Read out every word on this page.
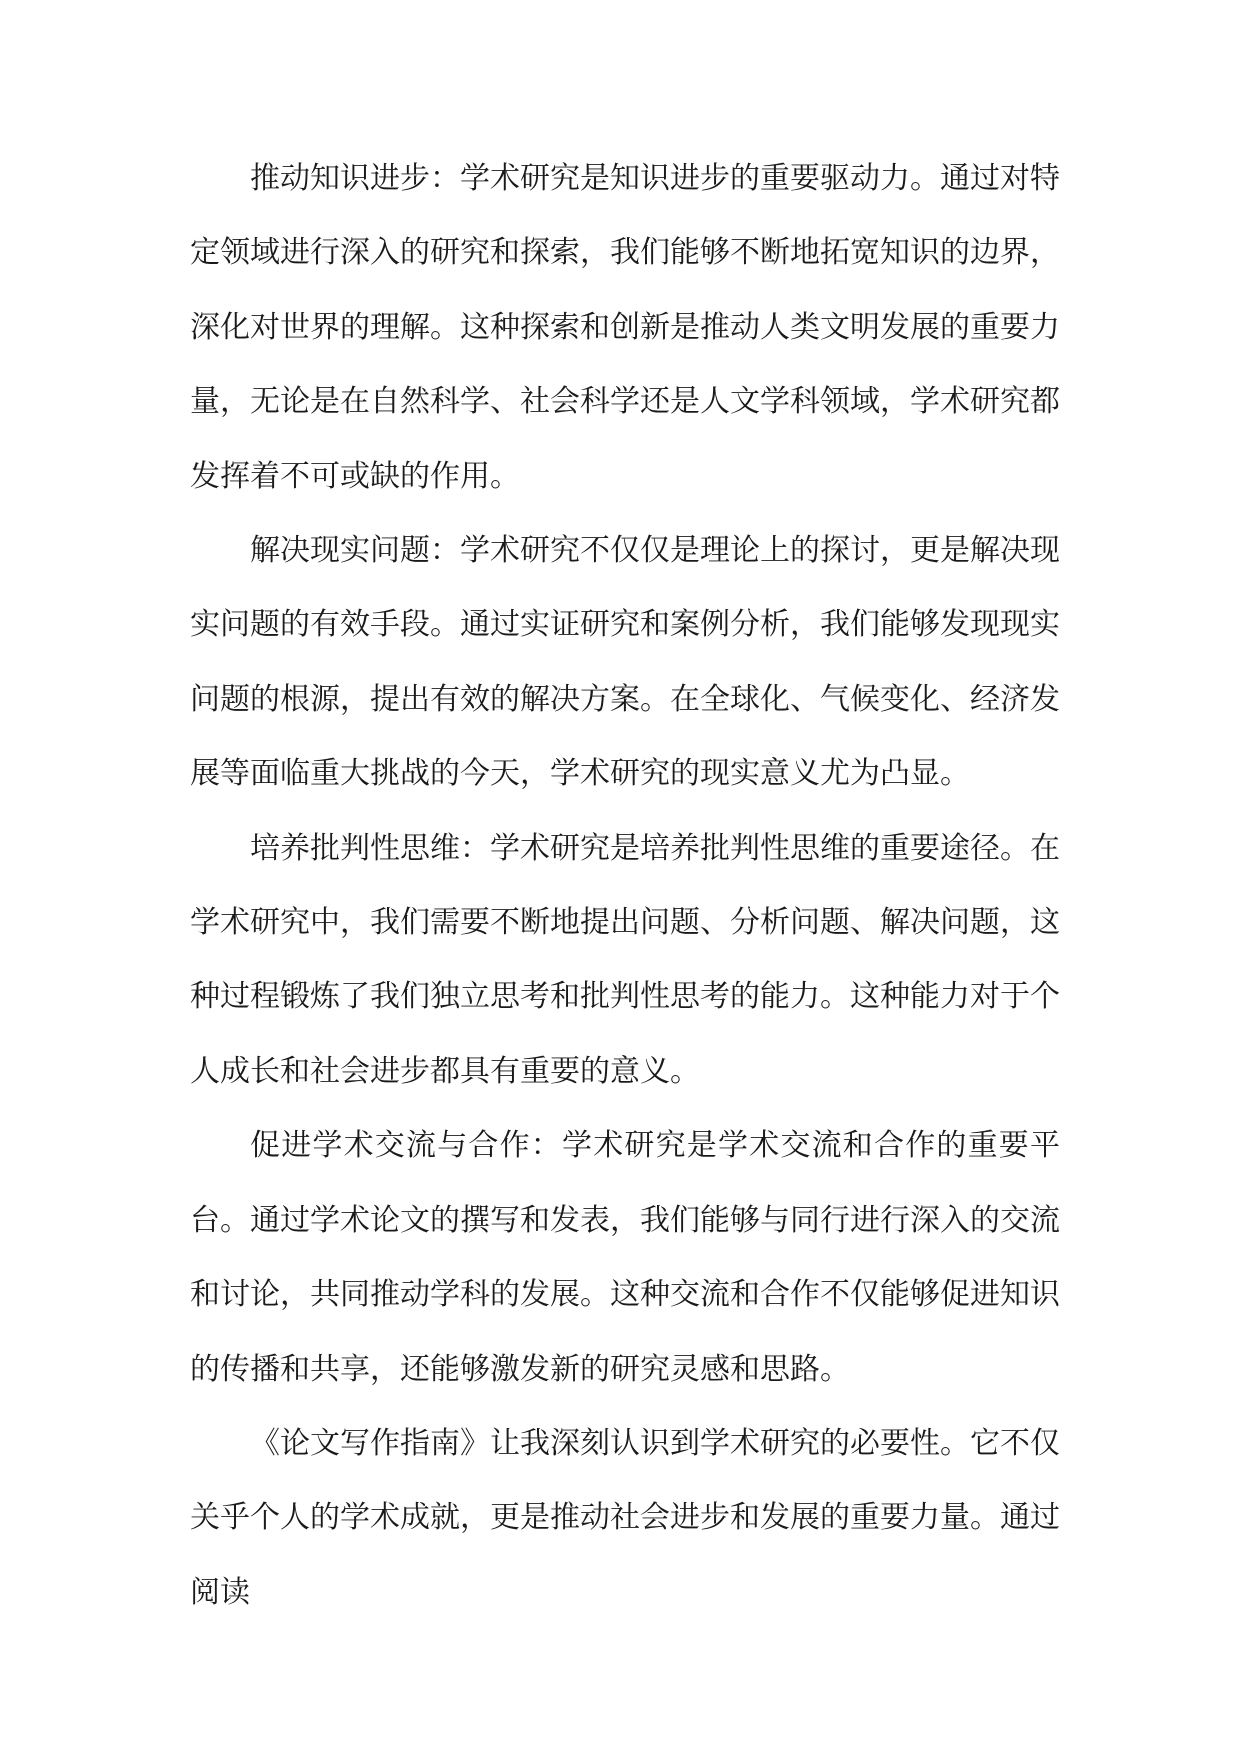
推动知识进步：学术研究是知识进步的重要驱动力。通过对特定领域进行深入的研究和探索，我们能够不断地拓宽知识的边界，深化对世界的理解。这种探索和创新是推动人类文明发展的重要力量，无论是在自然科学、社会科学还是人文学科领域，学术研究都发挥着不可或缺的作用。

解决现实问题：学术研究不仅仅是理论上的探讨，更是解决现实问题的有效手段。通过实证研究和案例分析，我们能够发现现实问题的根源，提出有效的解决方案。在全球化、气候变化、经济发展等面临重大挑战的今天，学术研究的现实意义尤为凸显。

培养批判性思维：学术研究是培养批判性思维的重要途径。在学术研究中，我们需要不断地提出问题、分析问题、解决问题，这种过程锻炼了我们独立思考和批判性思考的能力。这种能力对于个人成长和社会进步都具有重要的意义。

促进学术交流与合作：学术研究是学术交流和合作的重要平台。通过学术论文的撰写和发表，我们能够与同行进行深入的交流和讨论，共同推动学科的发展。这种交流和合作不仅能够促进知识的传播和共享，还能够激发新的研究灵感和思路。

《论文写作指南》让我深刻认识到学术研究的必要性。它不仅关乎个人的学术成就，更是推动社会进步和发展的重要力量。通过阅读
